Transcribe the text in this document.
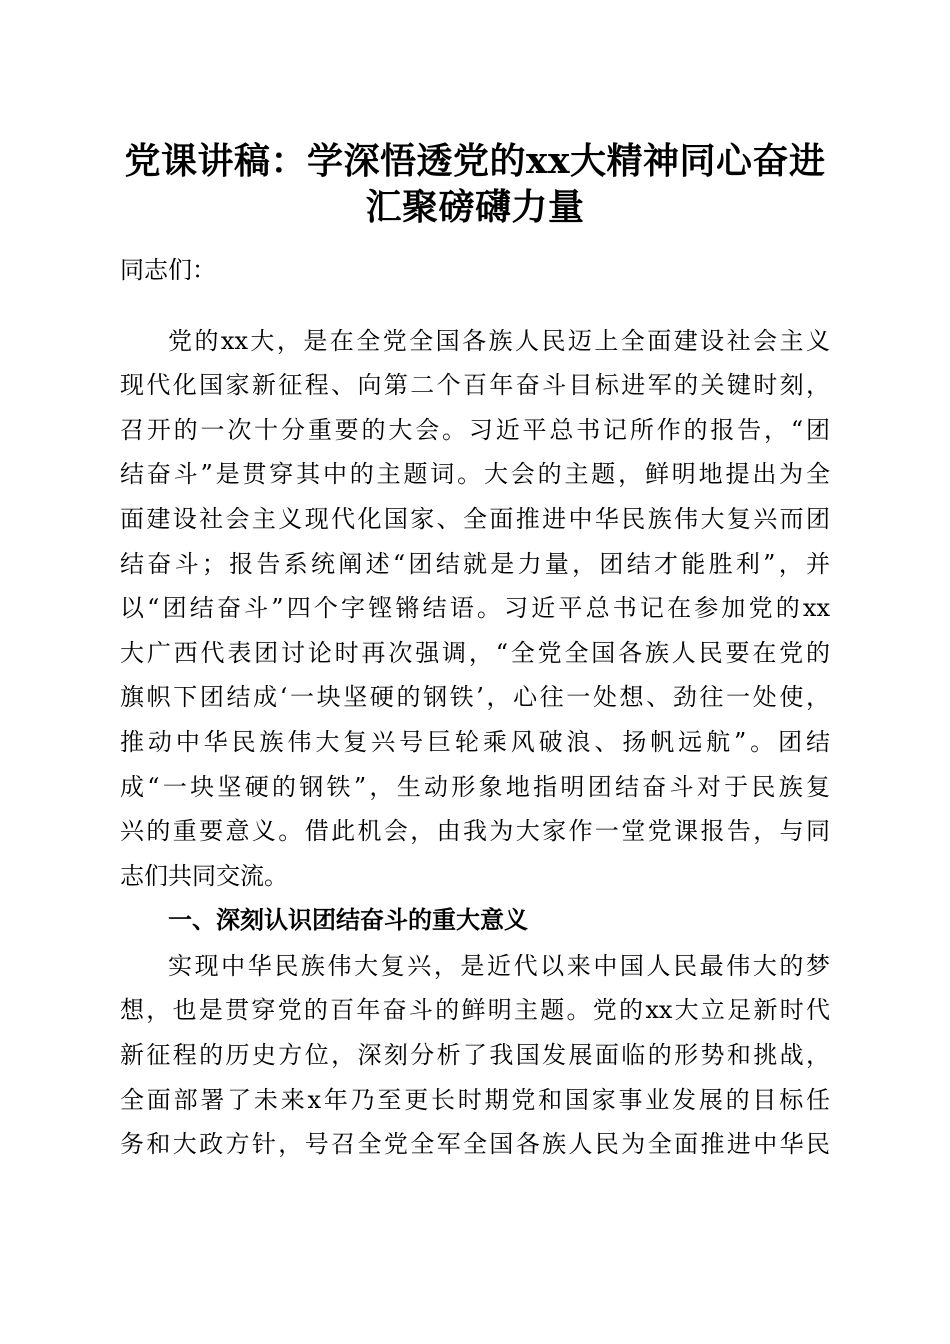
党课讲稿：学深悟透党的xx大精神同心奋进
汇聚磅礴力量

同志们：

党的xx大，是在全党全国各族人民迈上全面建设社会主义

现代化国家新征程、向第二个百年奋斗目标进军的关键时刻，

召开的一次十分重要的大会。习近平总书记所作的报告，“团

结奋斗”是贯穿其中的主题词。大会的主题，鲜明地提出为全

面建设社会主义现代化国家、全面推进中华民族伟大复兴而团

结奋斗；报告系统阐述“团结就是力量，团结才能胜利”，并

以“团结奋斗”四个字铿锵结语。习近平总书记在参加党的xx

大广西代表团讨论时再次强调，“全党全国各族人民要在党的

旗帜下团结成‘一块坚硬的钢铁’，心往一处想、劲往一处使，

推动中华民族伟大复兴号巨轮乘风破浪、扬帆远航”。团结

成“一块坚硬的钢铁”，生动形象地指明团结奋斗对于民族复

兴的重要意义。借此机会，由我为大家作一堂党课报告，与同

志们共同交流。

一、深刻认识团结奋斗的重大意义

实现中华民族伟大复兴，是近代以来中国人民最伟大的梦

想，也是贯穿党的百年奋斗的鲜明主题。党的xx大立足新时代

新征程的历史方位，深刻分析了我国发展面临的形势和挑战，

全面部署了未来x年乃至更长时期党和国家事业发展的目标任

务和大政方针，号召全党全军全国各族人民为全面推进中华民
